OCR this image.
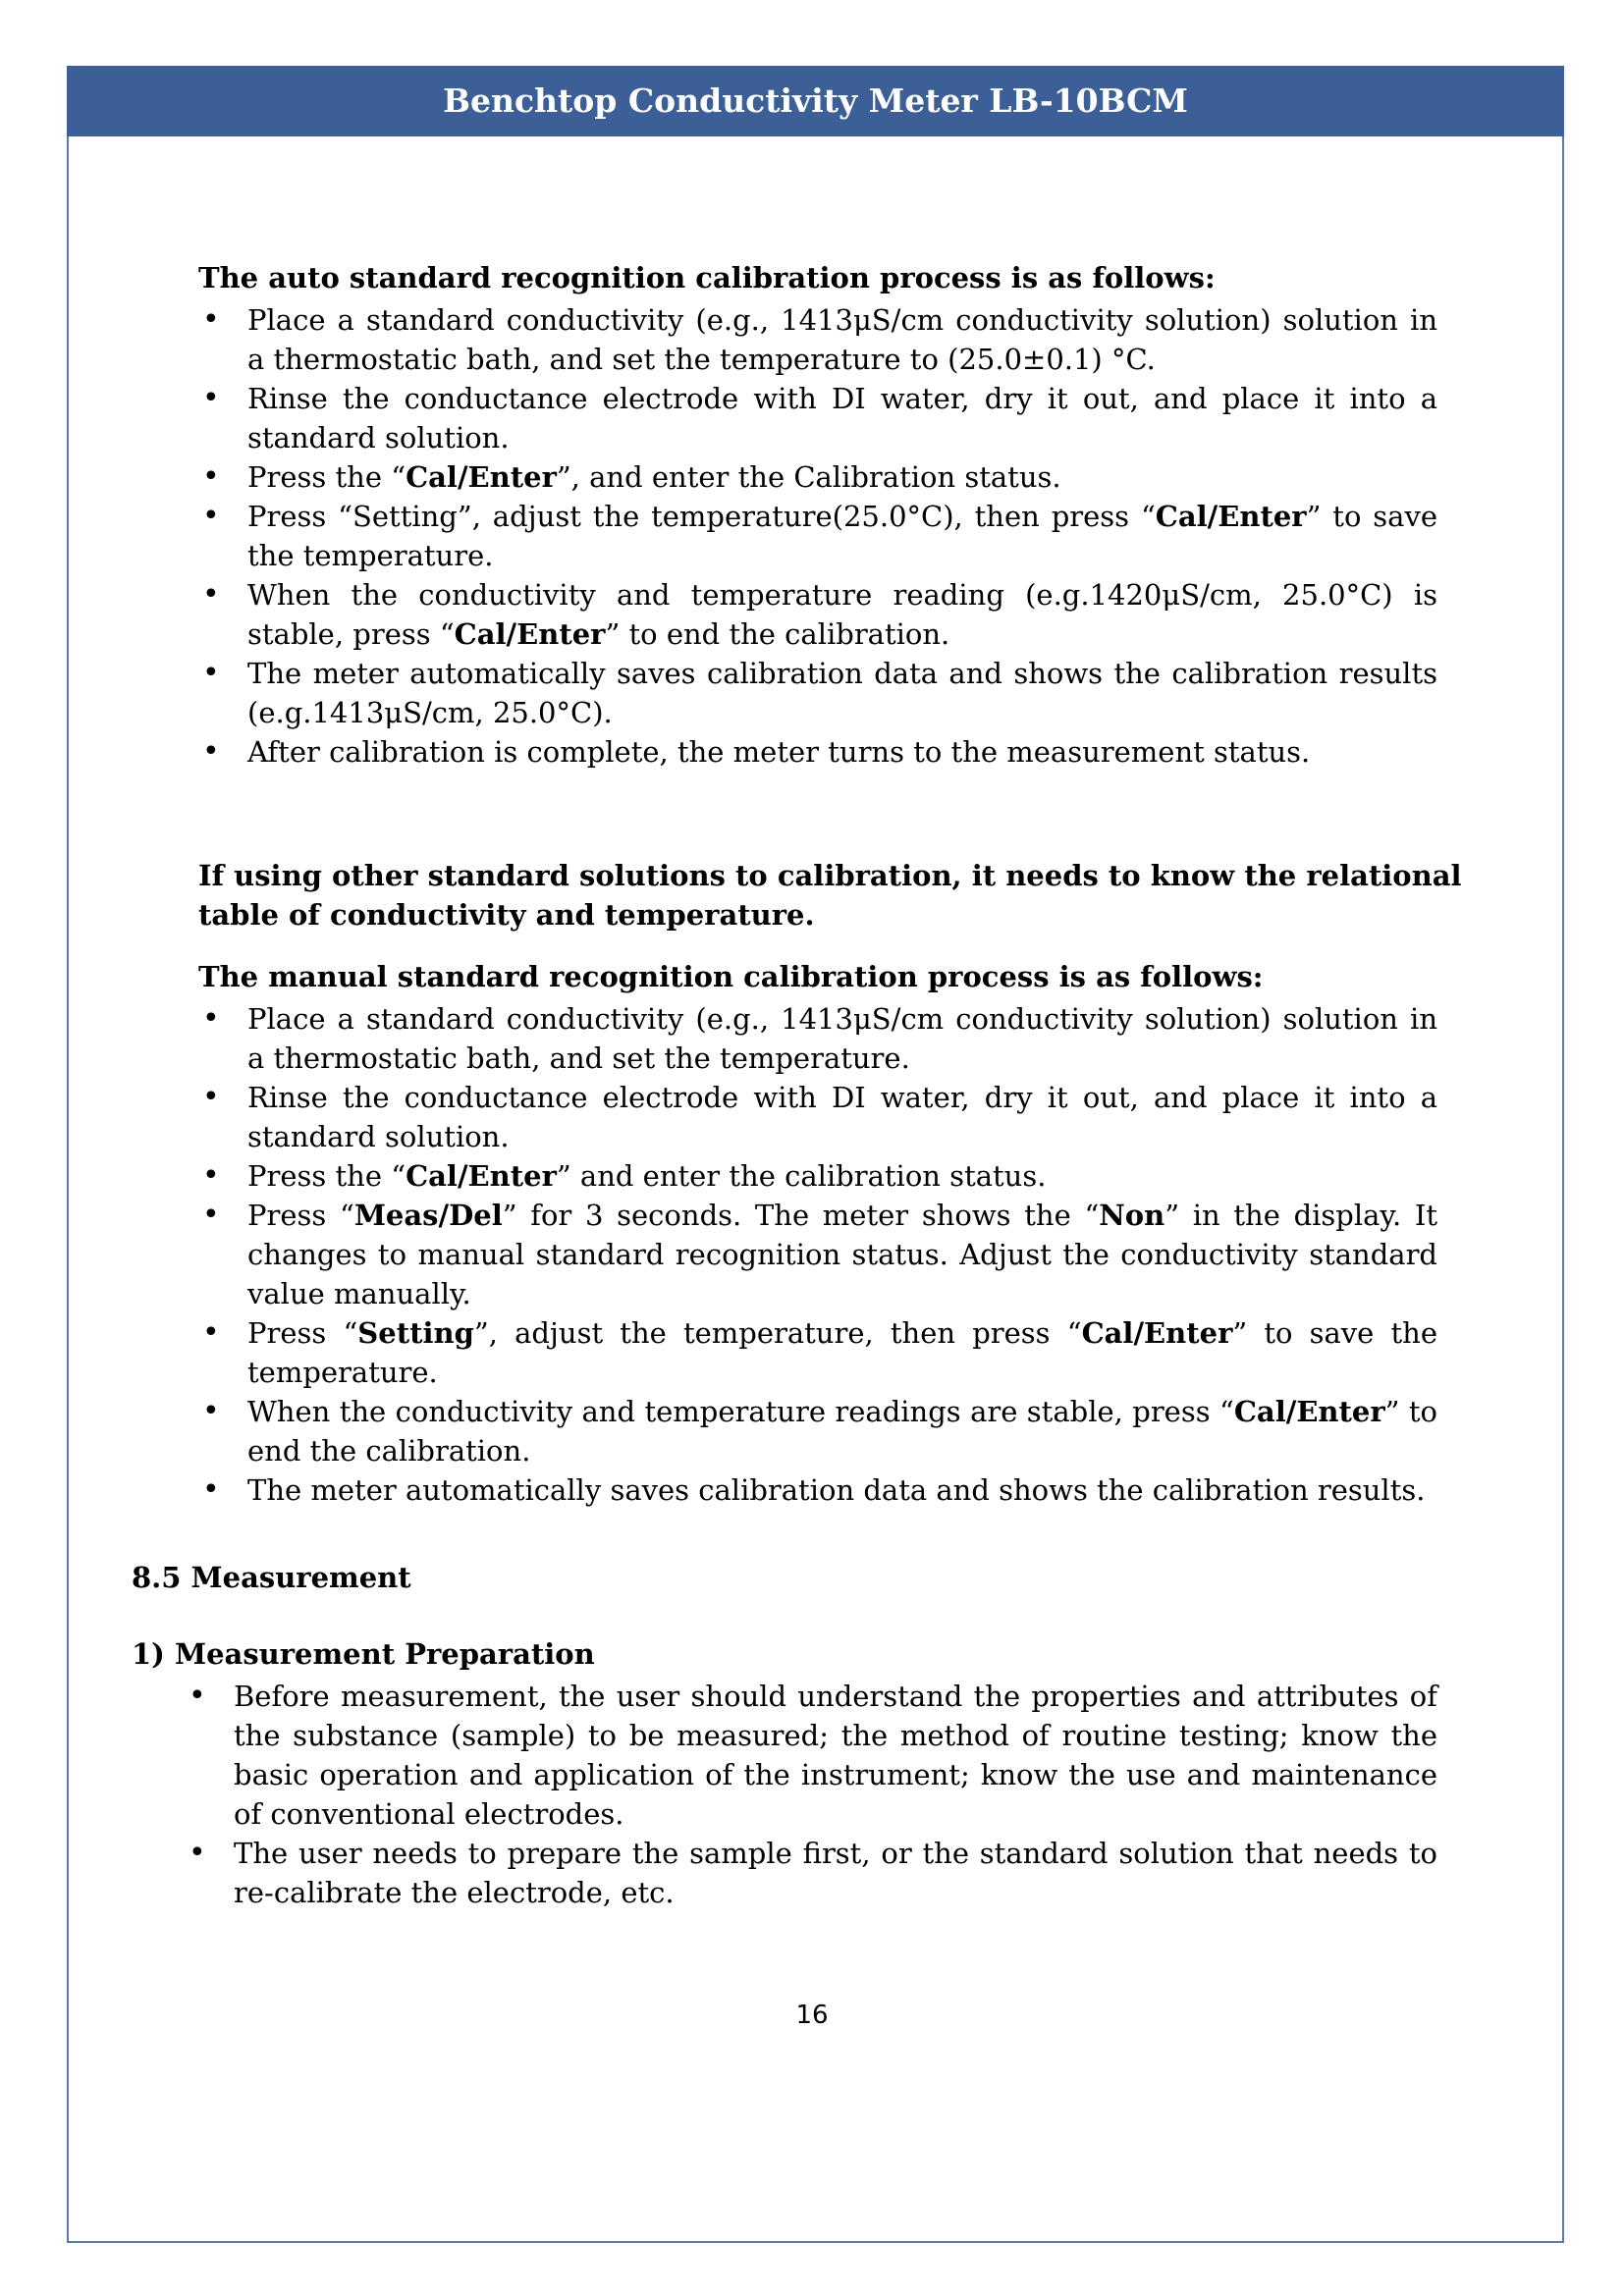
Benchtop Conductivity Meter LB-10BCM
The auto standard recognition calibration process is as follows:
• Place a standard conductivity (e.g., 1413μS/cm conductivity solution) solution in a thermostatic bath, and set the temperature to (25.0±0.1) °C.
• Rinse the conductance electrode with DI water, dry it out, and place it into a standard solution.
• Press the “Cal/Enter”, and enter the Calibration status.
• Press “Setting”, adjust the temperature(25.0°C), then press “Cal/Enter” to save the temperature.
• When the conductivity and temperature reading (e.g.1420μS/cm, 25.0°C) is stable, press “Cal/Enter” to end the calibration.
• The meter automatically saves calibration data and shows the calibration results (e.g.1413μS/cm, 25.0°C).
• After calibration is complete, the meter turns to the measurement status.
If using other standard solutions to calibration, it needs to know the relational table of conductivity and temperature.
The manual standard recognition calibration process is as follows:
• Place a standard conductivity (e.g., 1413μS/cm conductivity solution) solution in a thermostatic bath, and set the temperature.
• Rinse the conductance electrode with DI water, dry it out, and place it into a standard solution.
• Press the “Cal/Enter” and enter the calibration status.
• Press “Meas/Del” for 3 seconds. The meter shows the “Non” in the display. It changes to manual standard recognition status. Adjust the conductivity standard value manually.
• Press “Setting”, adjust the temperature, then press “Cal/Enter” to save the temperature.
• When the conductivity and temperature readings are stable, press “Cal/Enter” to end the calibration.
• The meter automatically saves calibration data and shows the calibration results.
8.5 Measurement
1) Measurement Preparation
• Before measurement, the user should understand the properties and attributes of the substance (sample) to be measured; the method of routine testing; know the basic operation and application of the instrument; know the use and maintenance of conventional electrodes.
• The user needs to prepare the sample first, or the standard solution that needs to re-calibrate the electrode, etc.
16
